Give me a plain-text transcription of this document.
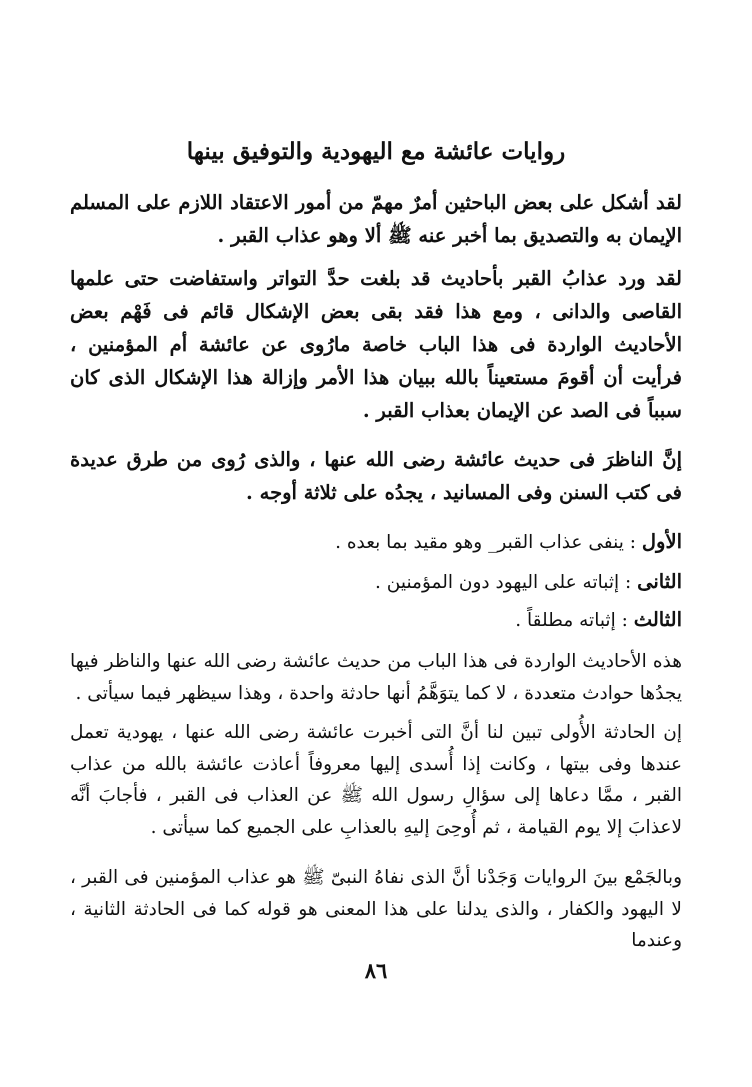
روايات عائشة مع اليهودية والتوفيق بينها

لقد أشكل على بعض الباحثين أمرٌ مهمّ من أمور الاعتقاد اللازم على المسلم الإيمان به والتصديق بما أخبر عنه ﷺ ألا وهو عذاب القبر .

لقد ورد عذابُ القبر بأحاديث قد بلغت حدَّ التواتر واستفاضت حتى علمها القاصى والدانى ، ومع هذا فقد بقى بعض الإشكال قائم فى فَهْم بعض الأحاديث الواردة فى هذا الباب خاصة مارُوى عن عائشة أم المؤمنين ، فرأيت أن أقومَ مستعيناً بالله ببيان هذا الأمر وإزالة هذا الإشكال الذى كان سبباً فى الصد عن الإيمان بعذاب القبر .

إنَّ الناظرَ فى حديث عائشة رضى الله عنها ، والذى رُوى من طرق عديدة فى كتب السنن وفى المسانيد ، يجدُه على ثلاثة أوجه .

الأول : ينفى عذاب القبر_ وهو مقيد بما بعده .

الثانى : إثباته على اليهود دون المؤمنين .

الثالث : إثباته مطلقاً .

هذه الأحاديث الواردة فى هذا الباب من حديث عائشة رضى الله عنها والناظر فيها يجدُها حوادث متعددة ، لا كما يتوَهَّمُ أنها حادثة واحدة ، وهذا سيظهر فيما سيأتى .

إن الحادثة الأُولى تبين لنا أنَّ التى أخبرت عائشة رضى الله عنها ، يهودية تعمل عندها وفى بيتها ، وكانت إذا أُسدى إليها معروفاً أعاذت عائشة بالله من عذاب القبر ، ممَّا دعاها إلى سؤالِ رسول الله ﷺ عن العذاب فى القبر ، فأجابَ أنَّه لاعذابَ إلا يوم القيامة ، ثم أُوحِىَ إليهِ بالعذابِ على الجميع كما سيأتى .

وبالجَمْع بينَ الروايات وَجَدْنا أنَّ الذى نفاهُ النبىّ ﷺ هو عذاب المؤمنين فى القبر ، لا اليهود والكفار ، والذى يدلنا على هذا المعنى هو قوله كما فى الحادثة الثانية ، وعندما

٨٦
